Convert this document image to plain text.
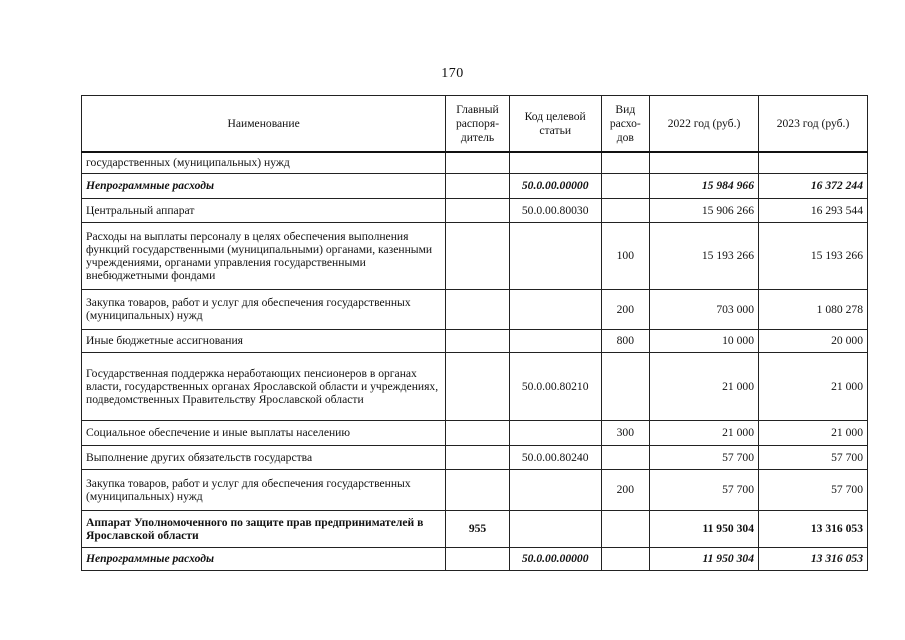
170
Наименование	Главный распоря-дитель	Код целевой статьи	Вид расхо-дов	2022 год (руб.)	2023 год (руб.)
государственных (муниципальных) нужд					
Непрограммные расходы		50.0.00.00000		15 984 966	16 372 244
Центральный аппарат		50.0.00.80030		15 906 266	16 293 544
Расходы на выплаты персоналу в целях обеспечения выполнения функций государственными (муниципальными) органами, казенными учреждениями, органами управления государственными внебюджетными фондами			100	15 193 266	15 193 266
Закупка товаров, работ и услуг для обеспечения государственных (муниципальных) нужд			200	703 000	1 080 278
Иные бюджетные ассигнования			800	10 000	20 000
Государственная поддержка неработающих пенсионеров в органах власти, государственных органах Ярославской области и учреждениях, подведомственных Правительству Ярославской области		50.0.00.80210		21 000	21 000
Социальное обеспечение и иные выплаты населению			300	21 000	21 000
Выполнение других обязательств государства		50.0.00.80240		57 700	57 700
Закупка товаров, работ и услуг для обеспечения государственных (муниципальных) нужд			200	57 700	57 700
Аппарат Уполномоченного по защите прав предпринимателей в Ярославской области	955			11 950 304	13 316 053
Непрограммные расходы		50.0.00.00000		11 950 304	13 316 053
